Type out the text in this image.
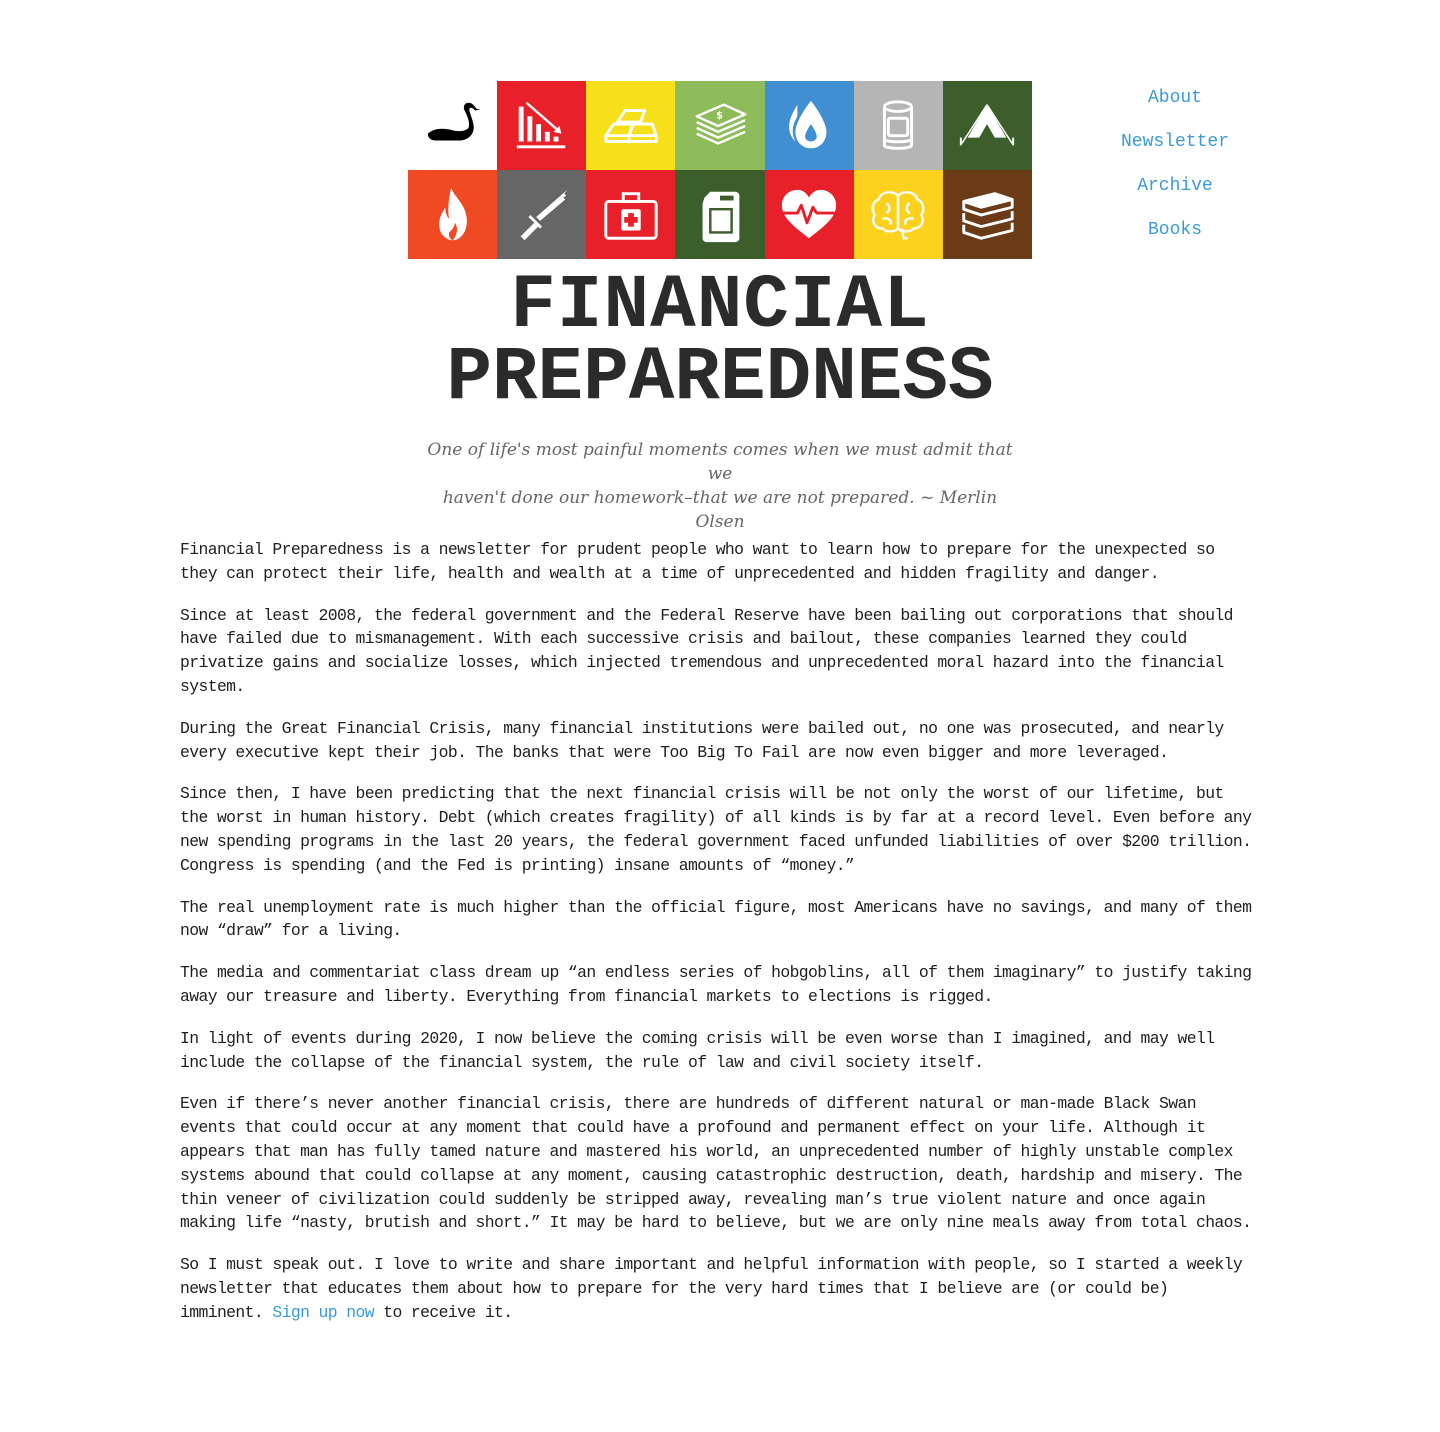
$
FINANCIAL
PREPAREDNESS
One of life's most painful moments comes when we must admit that we
haven't done our homework–that we are not prepared. ~ Merlin Olsen
About
Newsletter
Archive
Books

Financial Preparedness is a newsletter for prudent people who want to learn how to prepare for the unexpected so they can protect their life, health and wealth at a time of unprecedented and hidden fragility and danger.

Since at least 2008, the federal government and the Federal Reserve have been bailing out corporations that should have failed due to mismanagement. With each successive crisis and bailout, these companies learned they could privatize gains and socialize losses, which injected tremendous and unprecedented moral hazard into the financial system.

During the Great Financial Crisis, many financial institutions were bailed out, no one was prosecuted, and nearly every executive kept their job. The banks that were Too Big To Fail are now even bigger and more leveraged.

Since then, I have been predicting that the next financial crisis will be not only the worst of our lifetime, but the worst in human history. Debt (which creates fragility) of all kinds is by far at a record level. Even before any new spending programs in the last 20 years, the federal government faced unfunded liabilities of over $200 trillion. Congress is spending (and the Fed is printing) insane amounts of “money.”

The real unemployment rate is much higher than the official figure, most Americans have no savings, and many of them now “draw” for a living.

The media and commentariat class dream up “an endless series of hobgoblins, all of them imaginary” to justify taking away our treasure and liberty. Everything from financial markets to elections is rigged.

In light of events during 2020, I now believe the coming crisis will be even worse than I imagined, and may well include the collapse of the financial system, the rule of law and civil society itself.

Even if there’s never another financial crisis, there are hundreds of different natural or man-made Black Swan events that could occur at any moment that could have a profound and permanent effect on your life. Although it appears that man has fully tamed nature and mastered his world, an unprecedented number of highly unstable complex systems abound that could collapse at any moment, causing catastrophic destruction, death, hardship and misery. The thin veneer of civilization could suddenly be stripped away, revealing man’s true violent nature and once again making life “nasty, brutish and short.” It may be hard to believe, but we are only nine meals away from total chaos.

So I must speak out. I love to write and share important and helpful information with people, so I started a weekly newsletter that educates them about how to prepare for the very hard times that I believe are (or could be) imminent. Sign up now to receive it.
